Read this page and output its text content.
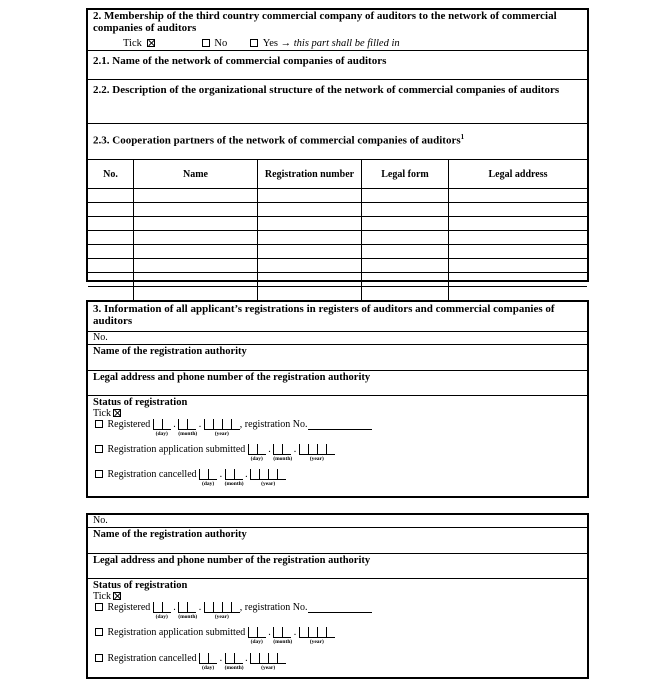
2. Membership of the third country commercial company of auditors to the network of commercial companies of auditors
Tick	No	Yes → this part shall be filled in
2.1. Name of the network of commercial companies of auditors
2.2. Description of the organizational structure of the network of commercial companies of auditors
2.3. Cooperation partners of the network of commercial companies of auditors$^1$
No.	Name	Registration number	Legal form	Legal address

3. Information of all applicant’s registrations in registers of auditors and commercial companies of auditors
No.
Name of the registration authority
Legal address and phone number of the registration authority
Status of registration
Tick
Registered
(day)
.
(month)
.
(year)
, registration No.
Registration application submitted
(day)
.
(month)
.
(year)
Registration cancelled
(day)
.
(month)
.
(year)
No.
Name of the registration authority
Legal address and phone number of the registration authority
Status of registration
Tick
Registered
(day)
.
(month)
.
(year)
, registration No.
Registration application submitted
(day)
.
(month)
.
(year)
Registration cancelled
(day)
.
(month)
.
(year)
